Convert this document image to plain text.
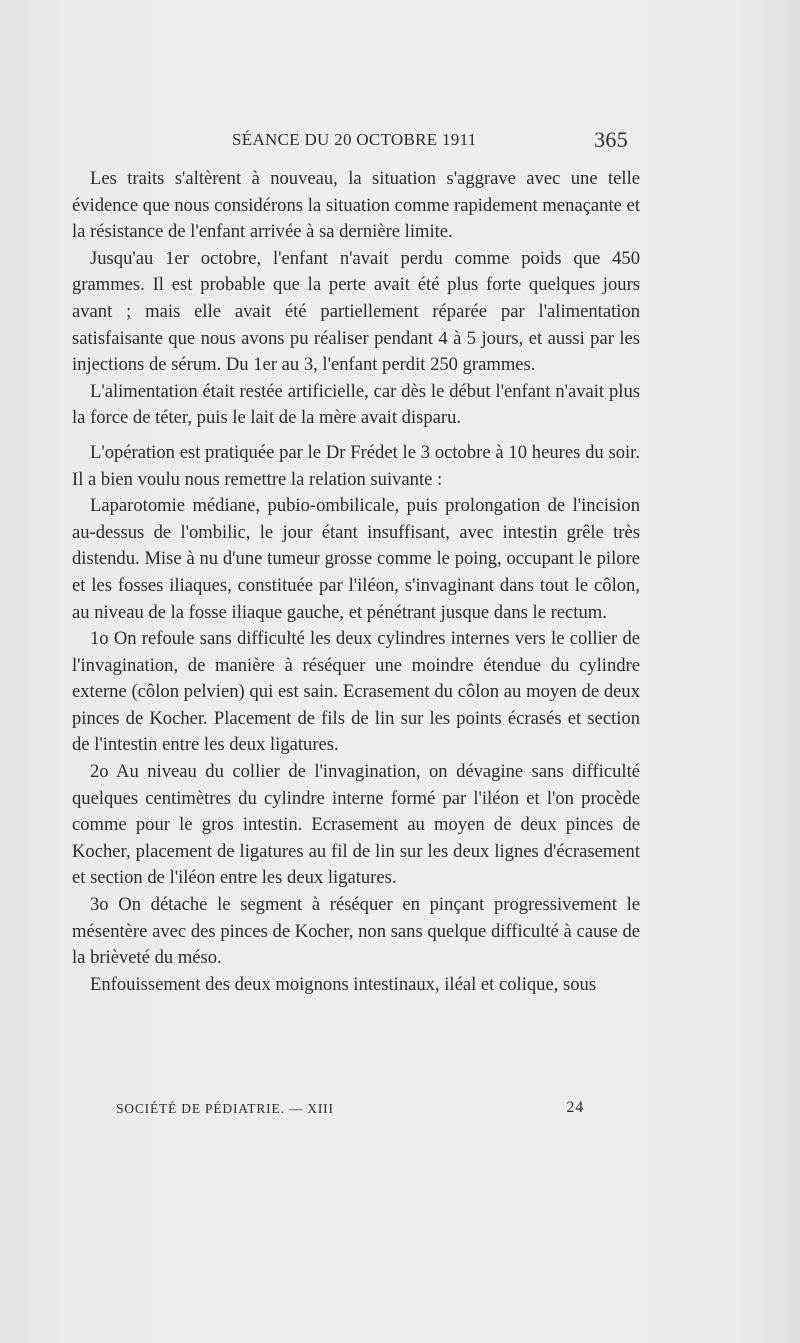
SÉANCE DU 20 OCTOBRE 1911	365

Les traits s'altèrent à nouveau, la situation s'aggrave avec une telle évidence que nous considérons la situation comme rapidement menaçante et la résistance de l'enfant arrivée à sa dernière limite.

Jusqu'au 1er octobre, l'enfant n'avait perdu comme poids que 450 grammes. Il est probable que la perte avait été plus forte quelques jours avant ; mais elle avait été partiellement réparée par l'alimentation satisfaisante que nous avons pu réaliser pendant 4 à 5 jours, et aussi par les injections de sérum. Du 1er au 3, l'enfant perdit 250 grammes.

L'alimentation était restée artificielle, car dès le début l'enfant n'avait plus la force de téter, puis le lait de la mère avait disparu.

L'opération est pratiquée par le Dr Frédet le 3 octobre à 10 heures du soir. Il a bien voulu nous remettre la relation suivante :

Laparotomie médiane, pubio-ombilicale, puis prolongation de l'incision au-dessus de l'ombilic, le jour étant insuffisant, avec intestin grêle très distendu. Mise à nu d'une tumeur grosse comme le poing, occupant le pilore et les fosses iliaques, constituée par l'iléon, s'invaginant dans tout le côlon, au niveau de la fosse iliaque gauche, et pénétrant jusque dans le rectum.

1o On refoule sans difficulté les deux cylindres internes vers le collier de l'invagination, de manière à réséquer une moindre étendue du cylindre externe (côlon pelvien) qui est sain. Ecrasement du côlon au moyen de deux pinces de Kocher. Placement de fils de lin sur les points écrasés et section de l'intestin entre les deux ligatures.

2o Au niveau du collier de l'invagination, on dévagine sans difficulté quelques centimètres du cylindre interne formé par l'iléon et l'on procède comme pour le gros intestin. Ecrasement au moyen de deux pinces de Kocher, placement de ligatures au fil de lin sur les deux lignes d'écrasement et section de l'iléon entre les deux ligatures.

3o On détache le segment à réséquer en pinçant progressivement le mésentère avec des pinces de Kocher, non sans quelque difficulté à cause de la brièveté du méso.

Enfouissement des deux moignons intestinaux, iléal et colique, sous

SOCIÉTÉ DE PÉDIATRIE. — XIII	24
